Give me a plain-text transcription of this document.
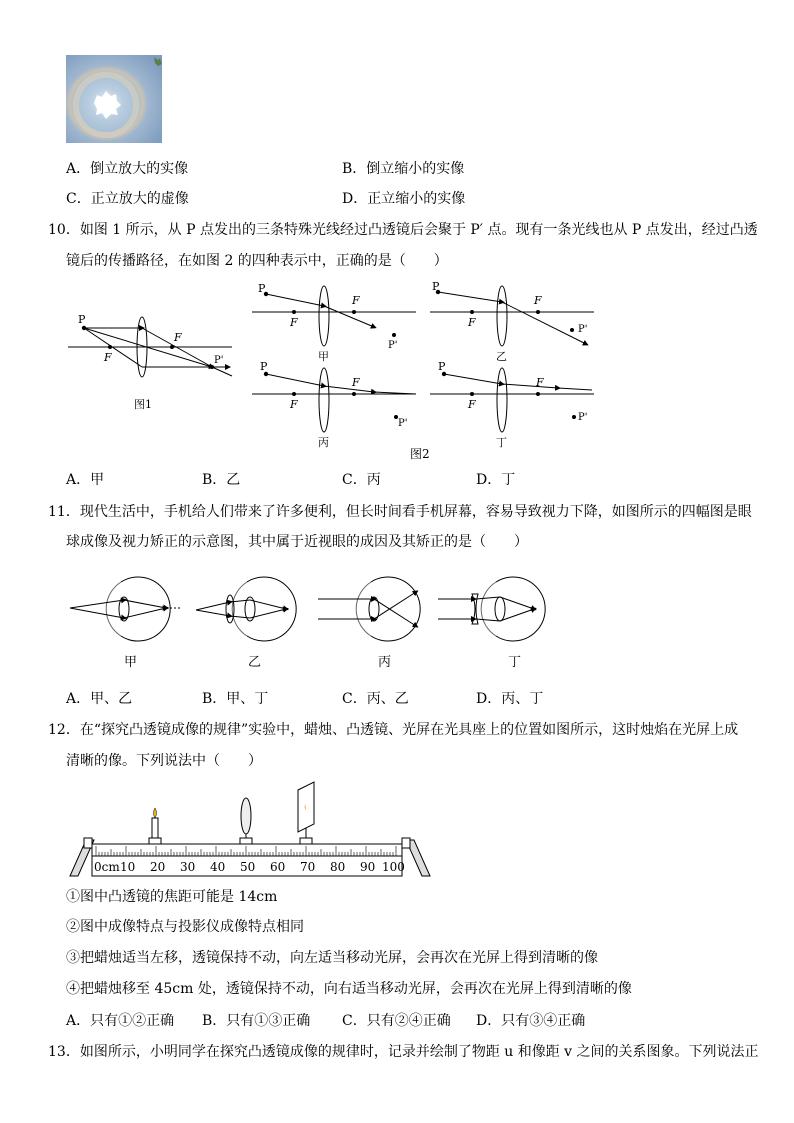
A．倒立放大的实像	B．倒立缩小的实像
C．正立放大的虚像	D．正立缩小的实像
10．如图 1 所示，从 P 点发出的三条特殊光线经过凸透镜后会聚于 P′ 点。现有一条光线也从 P 点发出，经过凸透
镜后的传播路径，在如图 2 的四种表示中，正确的是（　　）
P
F
F
P'
图1
P
F
F
P'
甲
P
F
F
P'
乙
P
F
F
P'
丙
P
F
F
P'
丁
图2
A．甲	B．乙	C．丙	D．丁
11．现代生活中，手机给人们带来了许多便利，但长时间看手机屏幕，容易导致视力下降，如图所示的四幅图是眼
球成像及视力矫正的示意图，其中属于近视眼的成因及其矫正的是（　　）
甲	乙	丙	丁
A．甲、乙	B．甲、丁	C．丙、乙	D．丙、丁
12．在“探究凸透镜成像的规律”实验中，蜡烛、凸透镜、光屏在光具座上的位置如图所示，这时烛焰在光屏上成
清晰的像。下列说法中（　　）
0cm 10 20 30 40 50 60 70 80 90 100
①图中凸透镜的焦距可能是 14cm
②图中成像特点与投影仪成像特点相同
③把蜡烛适当左移，透镜保持不动，向左适当移动光屏，会再次在光屏上得到清晰的像
④把蜡烛移至 45cm 处，透镜保持不动，向右适当移动光屏，会再次在光屏上得到清晰的像
A．只有①②正确 B．只有①③正确 C．只有②④正确 D．只有③④正确
13．如图所示，小明同学在探究凸透镜成像的规律时，记录并绘制了物距 u 和像距 v 之间的关系图象。下列说法正
